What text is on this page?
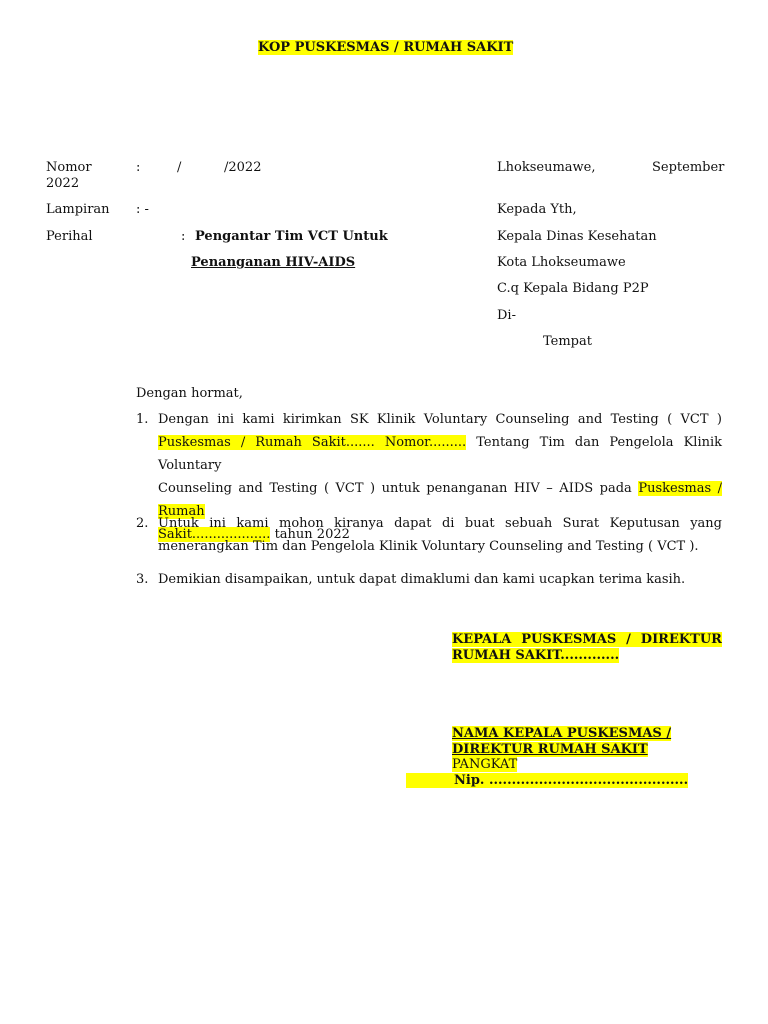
KOP PUSKESMAS / RUMAH SAKIT
Nomor	:	/	/2022
2022
Lampiran : -
Perihal	: Pengantar Tim VCT Untuk
Penanganan HIV-AIDS
Lhokseumawe,	September
Kepada Yth,
Kepala Dinas Kesehatan
Kota Lhokseumawe
C.q Kepala Bidang P2P
Di-
Tempat
Dengan hormat,
1. Dengan ini kami kirimkan SK Klinik Voluntary Counseling and Testing ( VCT )
Puskesmas / Rumah Sakit....... Nomor......... Tentang Tim dan Pengelola Klinik Voluntary
Counseling and Testing ( VCT ) untuk penanganan HIV – AIDS pada Puskesmas / Rumah
Sakit................... tahun 2022
2. Untuk ini kami mohon kiranya dapat di buat sebuah Surat Keputusan yang
menerangkan Tim dan Pengelola Klinik Voluntary Counseling and Testing ( VCT ).
3. Demikian disampaikan, untuk dapat dimaklumi dan kami ucapkan terima kasih.
KEPALA PUSKESMAS / DIREKTUR
RUMAH SAKIT.............
NAMA KEPALA PUSKESMAS /
DIREKTUR RUMAH SAKIT
PANGKAT
Nip. ............................................
